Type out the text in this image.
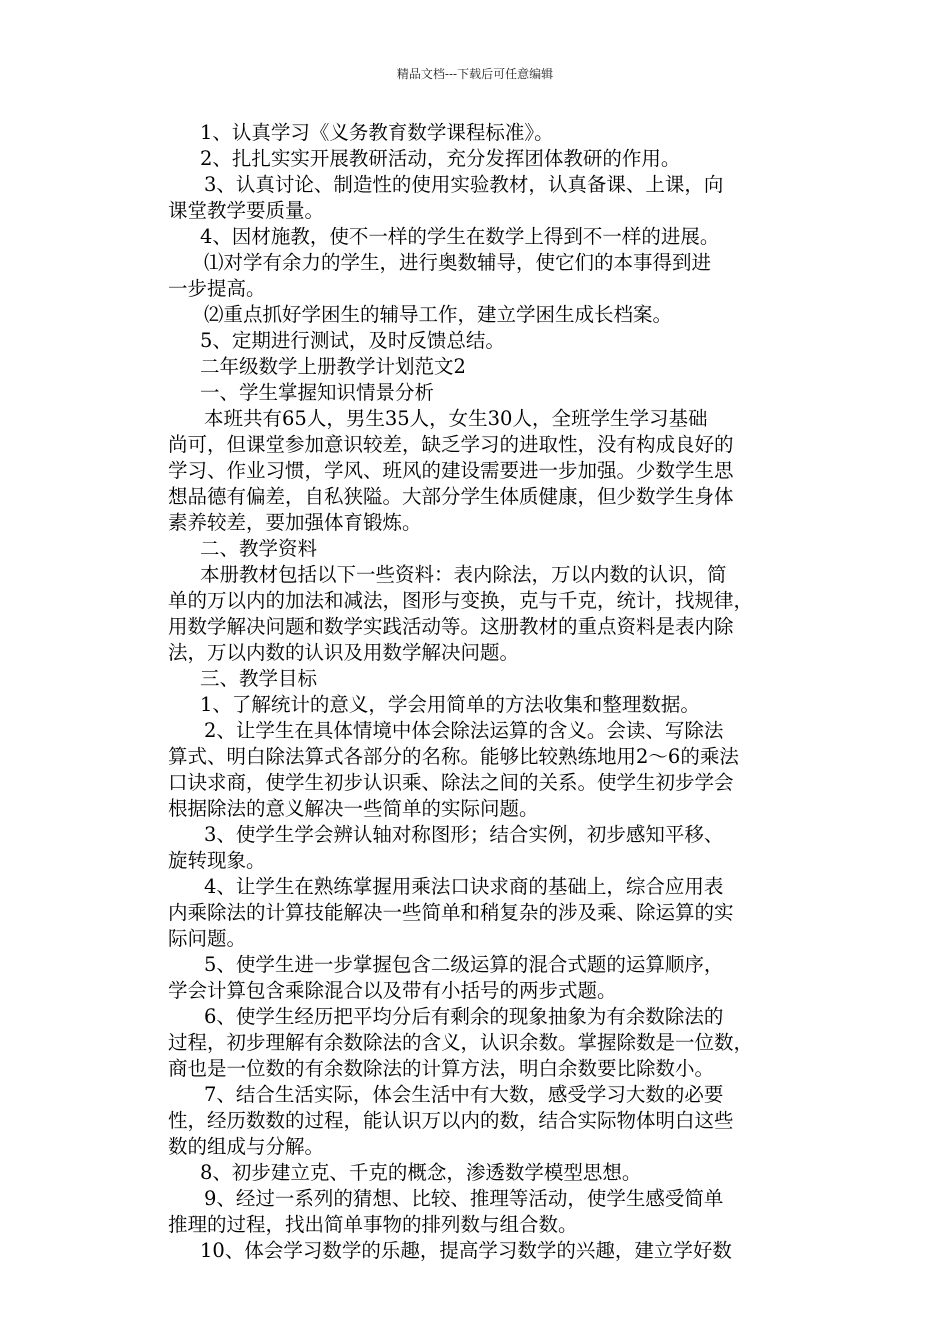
精品文档---下载后可任意编辑

1、认真学习《义务教育数学课程标准》。

2、扎扎实实开展教研活动，充分发挥团体教研的作用。

3、认真讨论、制造性的使用实验教材，认真备课、上课，向

课堂教学要质量。

4、因材施教，使不一样的学生在数学上得到不一样的进展。

⑴对学有余力的学生，进行奥数辅导，使它们的本事得到进

一步提高。

⑵重点抓好学困生的辅导工作，建立学困生成长档案。

5、定期进行测试，及时反馈总结。

二年级数学上册教学计划范文2

一、学生掌握知识情景分析

本班共有65人，男生35人，女生30人，全班学生学习基础

尚可，但课堂参加意识较差，缺乏学习的进取性，没有构成良好的

学习、作业习惯，学风、班风的建设需要进一步加强。少数学生思

想品德有偏差，自私狭隘。大部分学生体质健康，但少数学生身体

素养较差，要加强体育锻炼。

二、教学资料

本册教材包括以下一些资料：表内除法，万以内数的认识，简

单的万以内的加法和减法，图形与变换，克与千克，统计，找规律，

用数学解决问题和数学实践活动等。这册教材的重点资料是表内除

法，万以内数的认识及用数学解决问题。

三、教学目标

1、了解统计的意义，学会用简单的方法收集和整理数据。

2、让学生在具体情境中体会除法运算的含义。会读、写除法

算式、明白除法算式各部分的名称。能够比较熟练地用2～6的乘法

口诀求商，使学生初步认识乘、除法之间的关系。使学生初步学会

根据除法的意义解决一些简单的实际问题。

3、使学生学会辨认轴对称图形；结合实例，初步感知平移、

旋转现象。

4、让学生在熟练掌握用乘法口诀求商的基础上，综合应用表

内乘除法的计算技能解决一些简单和稍复杂的涉及乘、除运算的实

际问题。

5、使学生进一步掌握包含二级运算的混合式题的运算顺序，

学会计算包含乘除混合以及带有小括号的两步式题。

6、使学生经历把平均分后有剩余的现象抽象为有余数除法的

过程，初步理解有余数除法的含义，认识余数。掌握除数是一位数，

商也是一位数的有余数除法的计算方法，明白余数要比除数小。

7、结合生活实际，体会生活中有大数，感受学习大数的必要

性，经历数数的过程，能认识万以内的数，结合实际物体明白这些

数的组成与分解。

8、初步建立克、千克的概念，渗透数学模型思想。

9、经过一系列的猜想、比较、推理等活动，使学生感受简单

推理的过程，找出简单事物的排列数与组合数。

10、体会学习数学的乐趣，提高学习数学的兴趣，建立学好数
